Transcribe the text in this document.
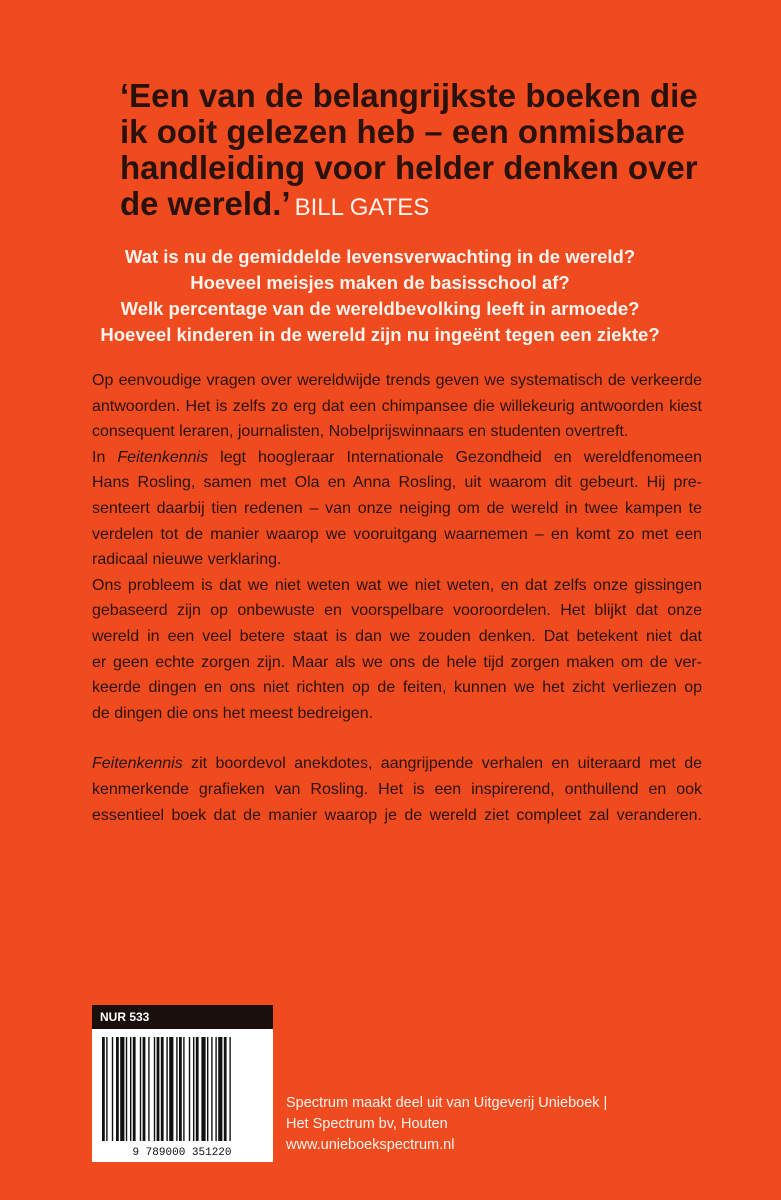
‘Een van de belangrijkste boeken die
ik ooit gelezen heb – een onmisbare
handleiding voor helder denken over
de wereld.’ BILL GATES
Wat is nu de gemiddelde levensverwachting in de wereld?
Hoeveel meisjes maken de basisschool af?
Welk percentage van de wereldbevolking leeft in armoede?
Hoeveel kinderen in de wereld zijn nu ingeënt tegen een ziekte?
Op eenvoudige vragen over wereldwijde trends geven we systematisch de verkeerde
antwoorden. Het is zelfs zo erg dat een chimpansee die willekeurig antwoorden kiest
consequent leraren, journalisten, Nobelprijswinnaars en studenten overtreft.
In Feitenkennis legt hoogleraar Internationale Gezondheid en wereldfenomeen
Hans Rosling, samen met Ola en Anna Rosling, uit waarom dit gebeurt. Hij pre-
senteert daarbij tien redenen – van onze neiging om de wereld in twee kampen te
verdelen tot de manier waarop we vooruitgang waarnemen – en komt zo met een
radicaal nieuwe verklaring.
Ons probleem is dat we niet weten wat we niet weten, en dat zelfs onze gissingen
gebaseerd zijn op onbewuste en voorspelbare vooroordelen. Het blijkt dat onze
wereld in een veel betere staat is dan we zouden denken. Dat betekent niet dat
er geen echte zorgen zijn. Maar als we ons de hele tijd zorgen maken om de ver-
keerde dingen en ons niet richten op de feiten, kunnen we het zicht verliezen op
de dingen die ons het meest bedreigen.
Feitenkennis zit boordevol anekdotes, aangrijpende verhalen en uiteraard met de
kenmerkende grafieken van Rosling. Het is een inspirerend, onthullend en ook
essentieel boek dat de manier waarop je de wereld ziet compleet zal veranderen.
NUR 533
9 789000 351220
Spectrum maakt deel uit van Uitgeverij Unieboek |
Het Spectrum bv, Houten
www.unieboekspectrum.nl
